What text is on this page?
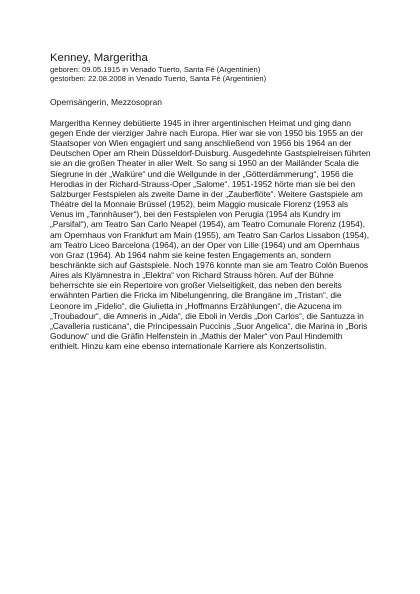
Kenney, Margeritha

geboren: 09.05.1915 in Venado Tuerto, Santa Fé (Argentinien)

gestorben: 22.08.2008 in Venado Tuerto, Santa Fé (Argentinien)

Opernsängerin, Mezzosopran

Margeritha Kenney debütierte 1945 in ihrer argentinischen Heimat und ging dann gegen Ende der vierziger Jahre nach Europa. Hier war sie von 1950 bis 1955 an der Staatsoper von Wien engagiert und sang anschließend von 1956 bis 1964 an der Deutschen Oper am Rhein Düsseldorf-Duisburg. Ausgedehnte Gastspielreisen führten sie an die großen Theater in aller Welt. So sang si 1950 an der Mailänder Scala die Siegrune in der „Walküre“ und die Wellgunde in der „Götterdämmerung“, 1956 die Herodias in der Richard-Strauss-Oper „Salome“. 1951-1952 hörte man sie bei den Salzburger Festspielen als zweite Dame in der „Zauberflöte“. Weitere Gastspiele am Théatre del la Monnaie Brüssel (1952), beim Maggio musicale Florenz (1953 als Venus im „Tannhäuser“), bei den Festspielen von Perugia (1954 als Kundry im „Parsifal“), am Teatro San Carlo Neapel (1954), am Teatro Comunale Florenz (1954), am Opernhaus von Frankfurt am Main (1955), am Teatro San Carlos Lissabon (1954), am Teatro Liceo Barcelona (1964), an der Oper von Lille (1964) und am Opernhaus von Graz (1964). Ab 1964 nahm sie keine festen Engagements an, sondern beschränkte sich auf Gastspiele. Noch 1976 konnte man sie am Teatro Colón Buenos Aires als Klyämnestra in „Elektra“ von Richard Strauss hören. Auf der Bühne beherrschte sie ein Repertoire von großer Vielseitigkeit, das neben den bereits erwähnten Partien die Fricka im Nibelungenring, die Brangäne im „Tristan“, die Leonore im „Fidelio“, die Giulietta in „Hoffmanns Erzählungen“, die Azucena im „Troubadour“, die Amneris in „Aida“, die Eboli in Verdis „Don Carlos“, die Santuzza in „Cavalleria rusticana“, die Principessain Puccinis „Suor Angelica“, die Marina in „Boris Godunow“ und die Gräfin Helfenstein in „Mathis der Maler“ von Paul Hindemith enthielt. Hinzu kam eine ebenso internationale Karriere als Konzertsolistin.
